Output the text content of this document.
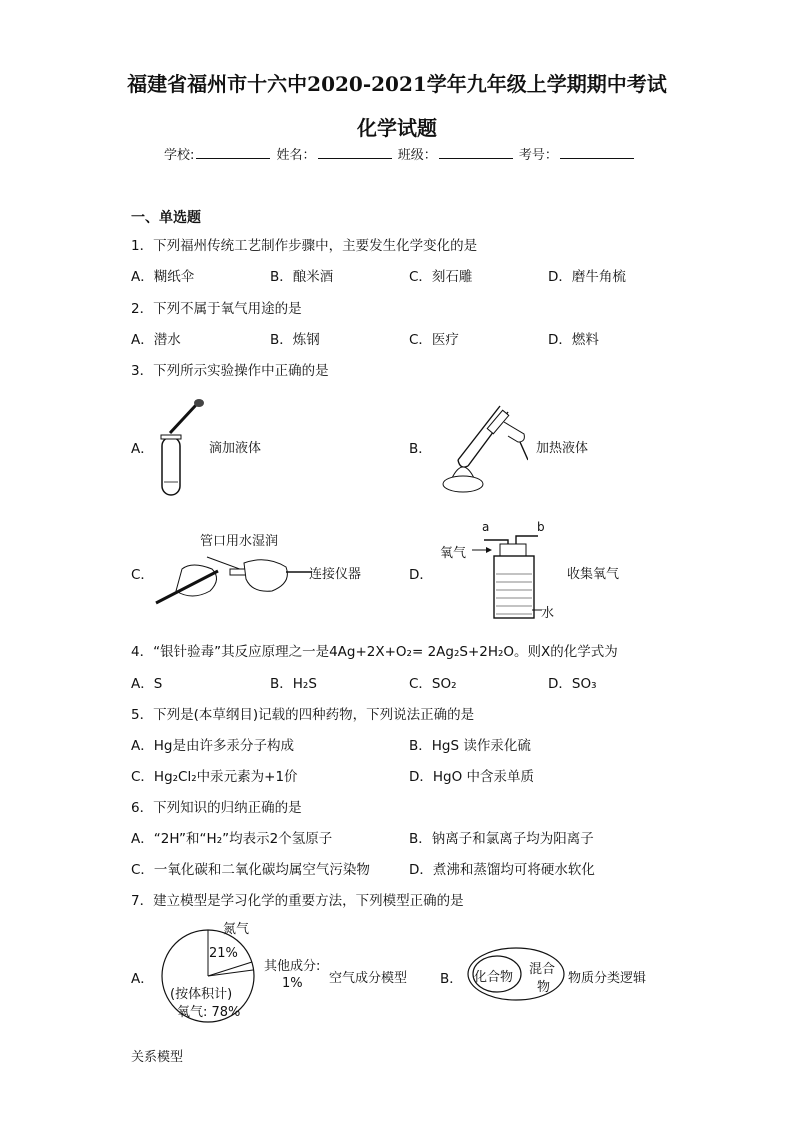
福建省福州市十六中2020-2021学年九年级上学期期中考试
化学试题
学校:	姓名：	班级：	考号：
一、单选题
1．下列福州传统工艺制作步骤中，主要发生化学变化的是
A．糊纸伞	B．酿米酒	C．刻石雕	D．磨牛角梳
2．下列不属于氧气用途的是
A．潜水	B．炼钢	C．医疗	D．燃料
3．下列所示实验操作中正确的是
A．	滴加液体	B．	加热液体
管口用水湿润
C．	连接仪器	D．
a	b
氧气
水
收集氧气
4．“银针验毒”其反应原理之一是4Ag+2X+O₂= 2Ag₂S+2H₂O。则X的化学式为
A．S	B．H₂S	C．SO₂	D．SO₃
5．下列是(本草纲目)记载的四种药物，下列说法正确的是
A．Hg是由许多汞分子构成	B．HgS 读作汞化硫
C．Hg₂Cl₂中汞元素为+1价	D．HgO 中含汞单质
6．下列知识的归纳正确的是
A．“2H”和“H₂”均表示2个氢原子	B．钠离子和氯离子均为阳离子
C．一氧化碳和二氧化碳均属空气污染物	D．煮沸和蒸馏均可将硬水软化
7．建立模型是学习化学的重要方法，下列模型正确的是
A．
氮气
21%
其他成分:
1%
(按体积计)
氧气: 78%
空气成分模型 B． 化合物
混合
物
物质分类逻辑
关系模型
